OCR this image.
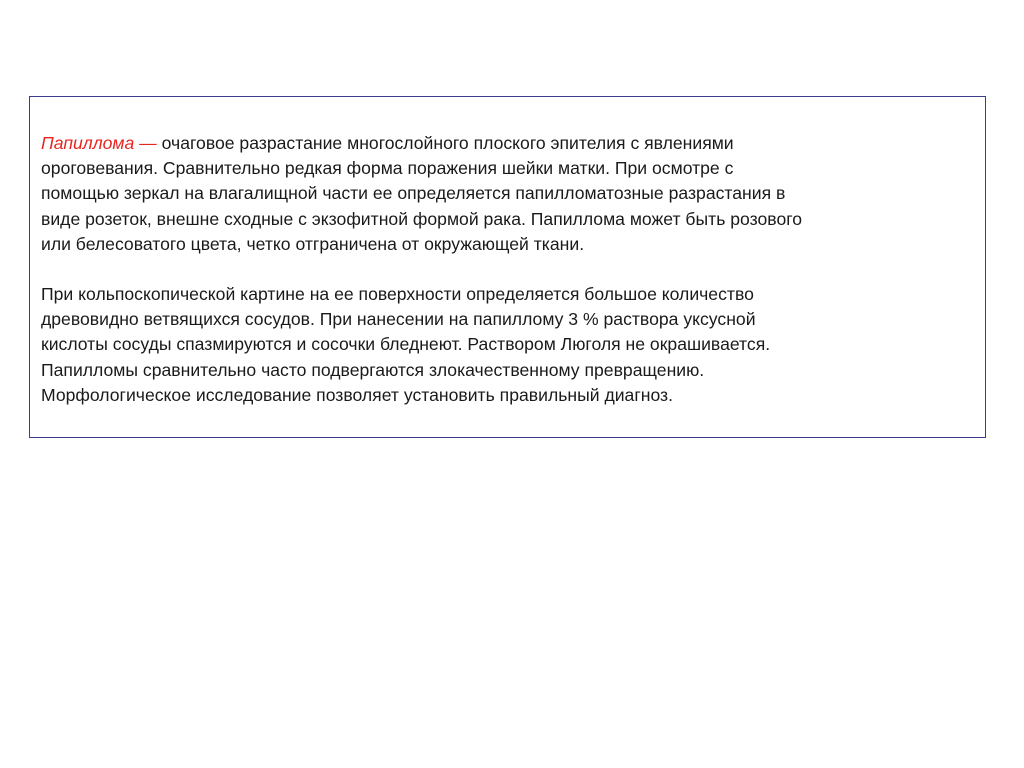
Папиллома — очаговое разрастание многослойного плоского эпителия с явлениями
ороговевания. Сравнительно редкая форма поражения шейки матки. При осмотре с
помощью зеркал на влагалищной части ее определяется папилломатозные разрастания в
виде розеток, внешне сходные с экзофитной формой рака. Папиллома может быть розового
или белесоватого цвета, четко отграничена от окружающей ткани.

При кольпоскопической картине на ее поверхности определяется большое количество
древовидно ветвящихся сосудов. При нанесении на папиллому 3 % раствора уксусной
кислоты сосуды спазмируются и сосочки бледнеют. Раствором Люголя не окрашивается.
Папилломы сравнительно часто подвергаются злокачественному превращению.
Морфологическое исследование позволяет установить правильный диагноз.
